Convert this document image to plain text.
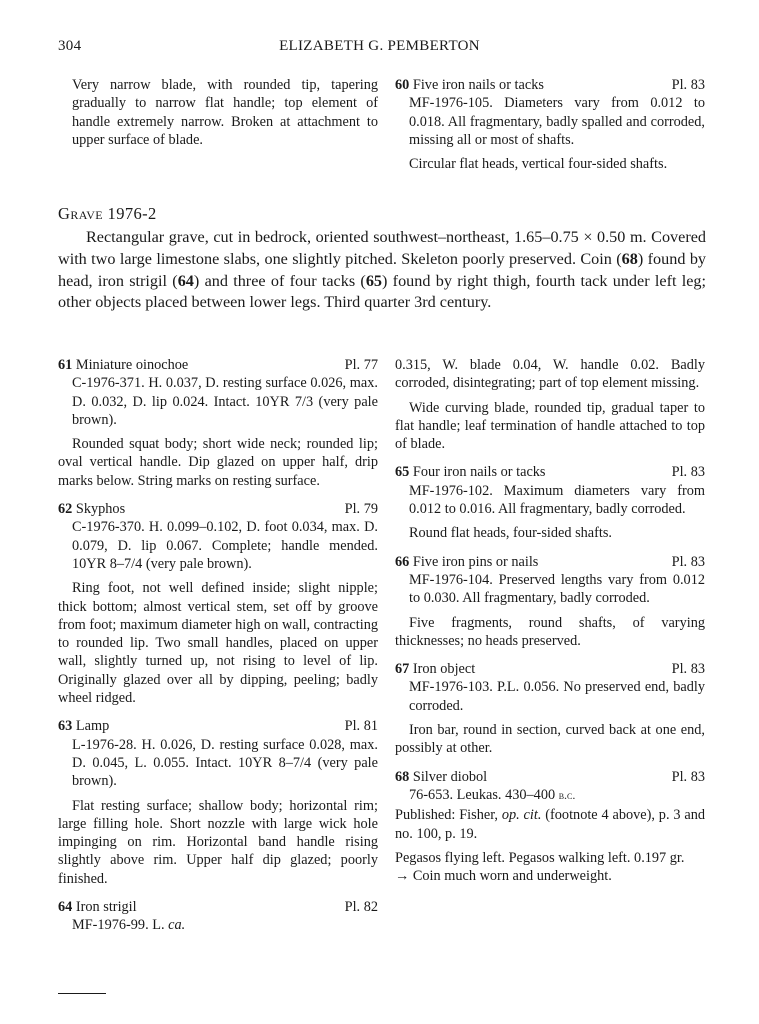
304	ELIZABETH G. PEMBERTON

Very narrow blade, with rounded tip, tapering gradually to narrow flat handle; top element of handle extremely narrow. Broken at attachment to upper surface of blade.

60 Five iron nails or tacks	Pl. 83

MF-1976-105. Diameters vary from 0.012 to 0.018. All fragmentary, badly spalled and corroded, missing all or most of shafts.

Circular flat heads, vertical four-sided shafts.

Grave 1976-2

Rectangular grave, cut in bedrock, oriented southwest–northeast, 1.65–0.75 × 0.50 m. Covered with two large limestone slabs, one slightly pitched. Skeleton poorly preserved. Coin (68) found by head, iron strigil (64) and three of four tacks (65) found by right thigh, fourth tack under left leg; other objects placed between lower legs. Third quarter 3rd century.

61 Miniature oinochoe	Pl. 77

C-1976-371. H. 0.037, D. resting surface 0.026, max. D. 0.032, D. lip 0.024. Intact. 10YR 7/3 (very pale brown).

Rounded squat body; short wide neck; rounded lip; oval vertical handle. Dip glazed on upper half, drip marks below. String marks on resting surface.

62 Skyphos	Pl. 79

C-1976-370. H. 0.099–0.102, D. foot 0.034, max. D. 0.079, D. lip 0.067. Complete; handle mended. 10YR 8–7/4 (very pale brown).

Ring foot, not well defined inside; slight nipple; thick bottom; almost vertical stem, set off by groove from foot; maximum diameter high on wall, contracting to rounded lip. Two small handles, placed on upper wall, slightly turned up, not rising to level of lip. Originally glazed over all by dipping, peeling; badly wheel ridged.

63 Lamp	Pl. 81

L-1976-28. H. 0.026, D. resting surface 0.028, max. D. 0.045, L. 0.055. Intact. 10YR 8–7/4 (very pale brown).

Flat resting surface; shallow body; horizontal rim; large filling hole. Short nozzle with large wick hole impinging on rim. Horizontal band handle rising slightly above rim. Upper half dip glazed; poorly finished.

64 Iron strigil	Pl. 82

MF-1976-99. L. ca.

0.315, W. blade 0.04, W. handle 0.02. Badly corroded, disintegrating; part of top element missing.

Wide curving blade, rounded tip, gradual taper to flat handle; leaf termination of handle attached to top of blade.

65 Four iron nails or tacks	Pl. 83

MF-1976-102. Maximum diameters vary from 0.012 to 0.016. All fragmentary, badly corroded.

Round flat heads, four-sided shafts.

66 Five iron pins or nails	Pl. 83

MF-1976-104. Preserved lengths vary from 0.012 to 0.030. All fragmentary, badly corroded.

Five fragments, round shafts, of varying thicknesses; no heads preserved.

67 Iron object	Pl. 83

MF-1976-103. P.L. 0.056. No preserved end, badly corroded.

Iron bar, round in section, curved back at one end, possibly at other.

68 Silver diobol	Pl. 83

76-653. Leukas. 430–400 b.c.

Published: Fisher, op. cit. (footnote 4 above), p. 3 and no. 100, p. 19.

Pegasos flying left. Pegasos walking left. 0.197 gr.
→ Coin much worn and underweight.
